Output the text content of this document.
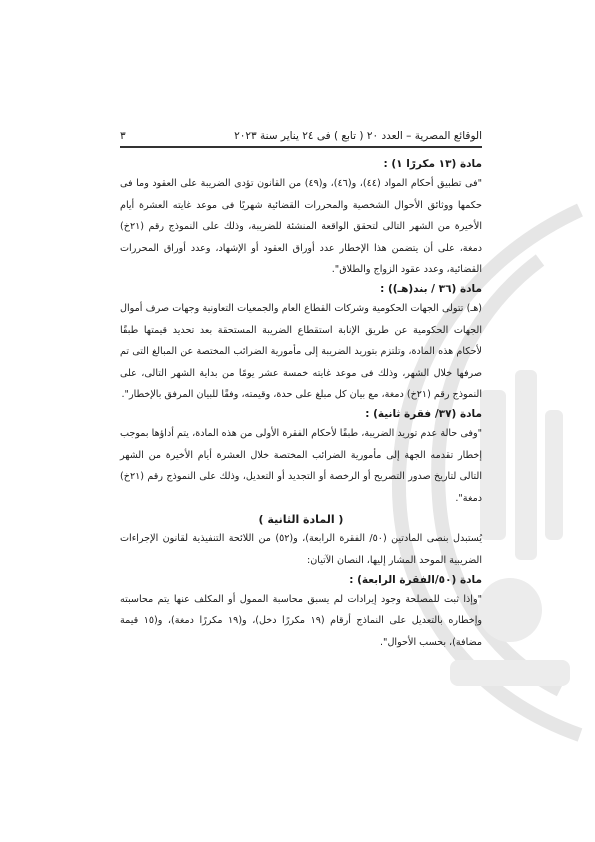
الوقائع المصرية – العدد ٢٠ ( تابع ) فى ٢٤ يناير سنة ٢٠٢٣
٣
مادة (١٣ مكررًا ١) :

"فى تطبيق أحكام المواد (٤٤)، و(٤٦)، و(٤٩) من القانون تؤدى الضريبة على العقود وما فى حكمها ووثائق الأحوال الشخصية والمحررات القضائية شهريًا فى موعد غايته العشرة أيام الأخيرة من الشهر التالى لتحقق الواقعة المنشئة للضريبة، وذلك على النموذج رقم (٢١خ) دمغة، على أن يتضمن هذا الإخطار عدد أوراق العقود أو الإشهاد، وعدد أوراق المحررات القضائية، وعدد عقود الزواج والطلاق".

مادة (٣٦ / بند(هـ)) :

(هـ) تتولى الجهات الحكومية وشركات القطاع العام والجمعيات التعاونية وجهات صرف أموال الجهات الحكومية عن طريق الإنابة استقطاع الضريبة المستحقة بعد تحديد قيمتها طبقًا لأحكام هذه المادة، وتلتزم بتوريد الضريبة إلى مأمورية الضرائب المختصة عن المبالغ التى تم صرفها خلال الشهر، وذلك فى موعد غايته خمسة عشر يومًا من بداية الشهر التالى، على النموذج رقم (٢١خ) دمغة، مع بيان كل مبلغ على حدة، وقيمته، وفقًا للبيان المرفق بالإخطار".

مادة (٣٧/ فقرة ثانية) :

"وفى حالة عدم توريد الضريبة، طبقًا لأحكام الفقرة الأولى من هذه المادة، يتم أداؤها بموجب إخطار تقدمه الجهة إلى مأمورية الضرائب المختصة خلال العشرة أيام الأخيرة من الشهر التالى لتاريخ صدور التصريح أو الرخصة أو التجديد أو التعديل، وذلك على النموذج رقم (٢١خ) دمغة".

( المادة الثانية )

يُستبدل بنصى المادتين (٥٠/ الفقرة الرابعة)، و(٥٢) من اللائحة التنفيذية لقانون الإجراءات الضريبية الموحد المشار إليها، النصان الآتيان:

مادة (٥٠/الفقرة الرابعة) :

"وإذا ثبت للمصلحة وجود إيرادات لم يسبق محاسبة الممول أو المكلف عنها يتم محاسبته وإخطاره بالتعديل على النماذج أرقام (١٩ مكررًا دخل)، و(١٩ مكررًا دمغة)، و(١٥ قيمة مضافة)، بحسب الأحوال".
